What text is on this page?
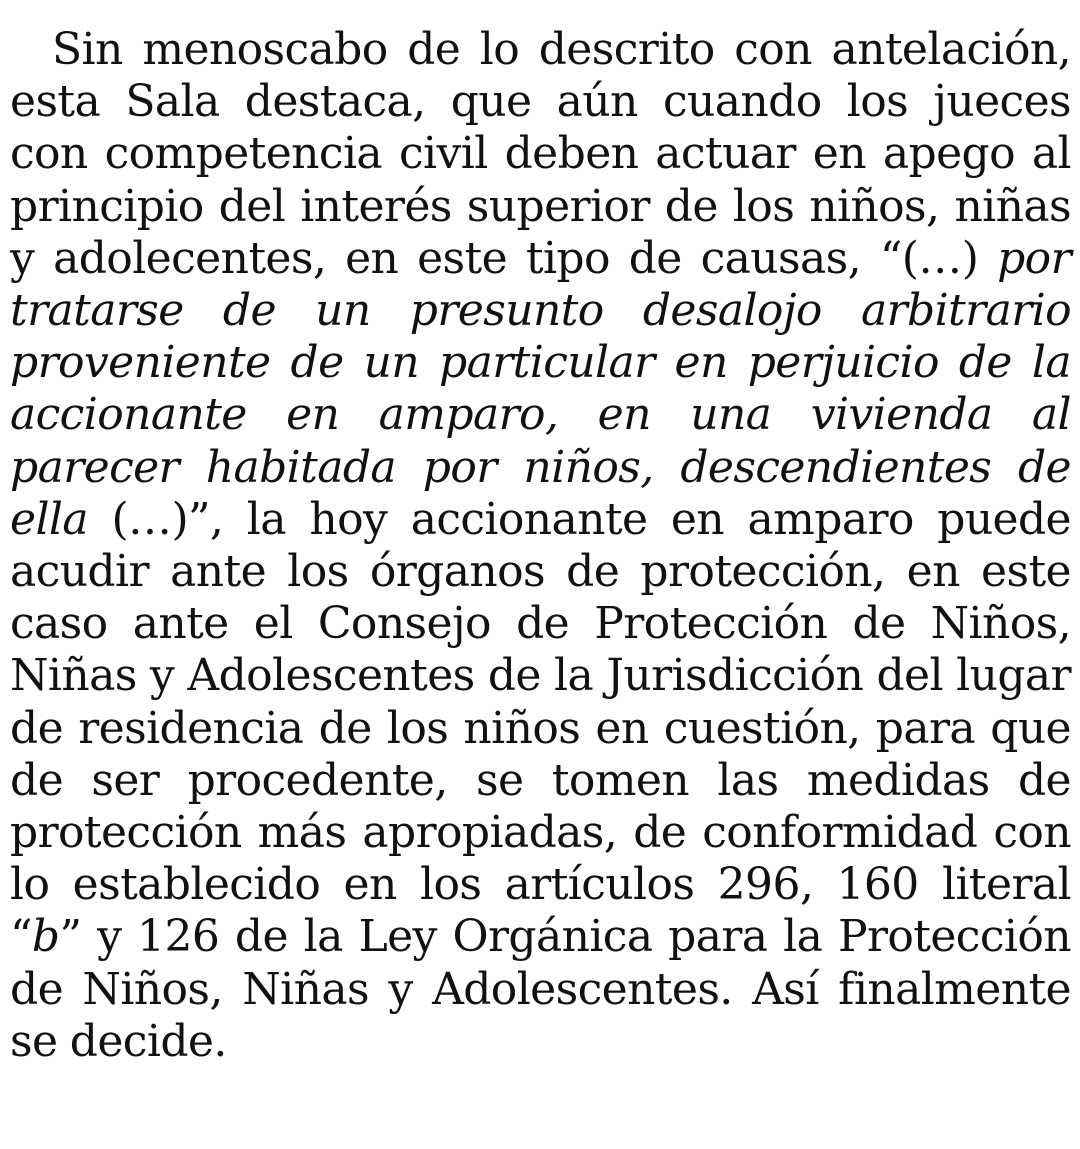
Sin menoscabo de lo descrito con antelación, esta Sala destaca, que aún cuando los jueces con competencia civil deben actuar en apego al principio del interés superior de los niños, niñas y adolecentes, en este tipo de causas, “(…) por tratarse de un presunto desalojo arbitrario proveniente de un particular en perjuicio de la accionante en amparo, en una vivienda al parecer habitada por niños, descendientes de ella (…)”, la hoy accionante en amparo puede acudir ante los órganos de protección, en este caso ante el Consejo de Protección de Niños, Niñas y Adolescentes de la Jurisdicción del lugar de residencia de los niños en cuestión, para que de ser procedente, se tomen las medidas de protección más apropiadas, de conformidad con lo establecido en los artículos 296, 160 literal “b” y 126 de la Ley Orgánica para la Protección de Niños, Niñas y Adolescentes. Así finalmente se decide.
